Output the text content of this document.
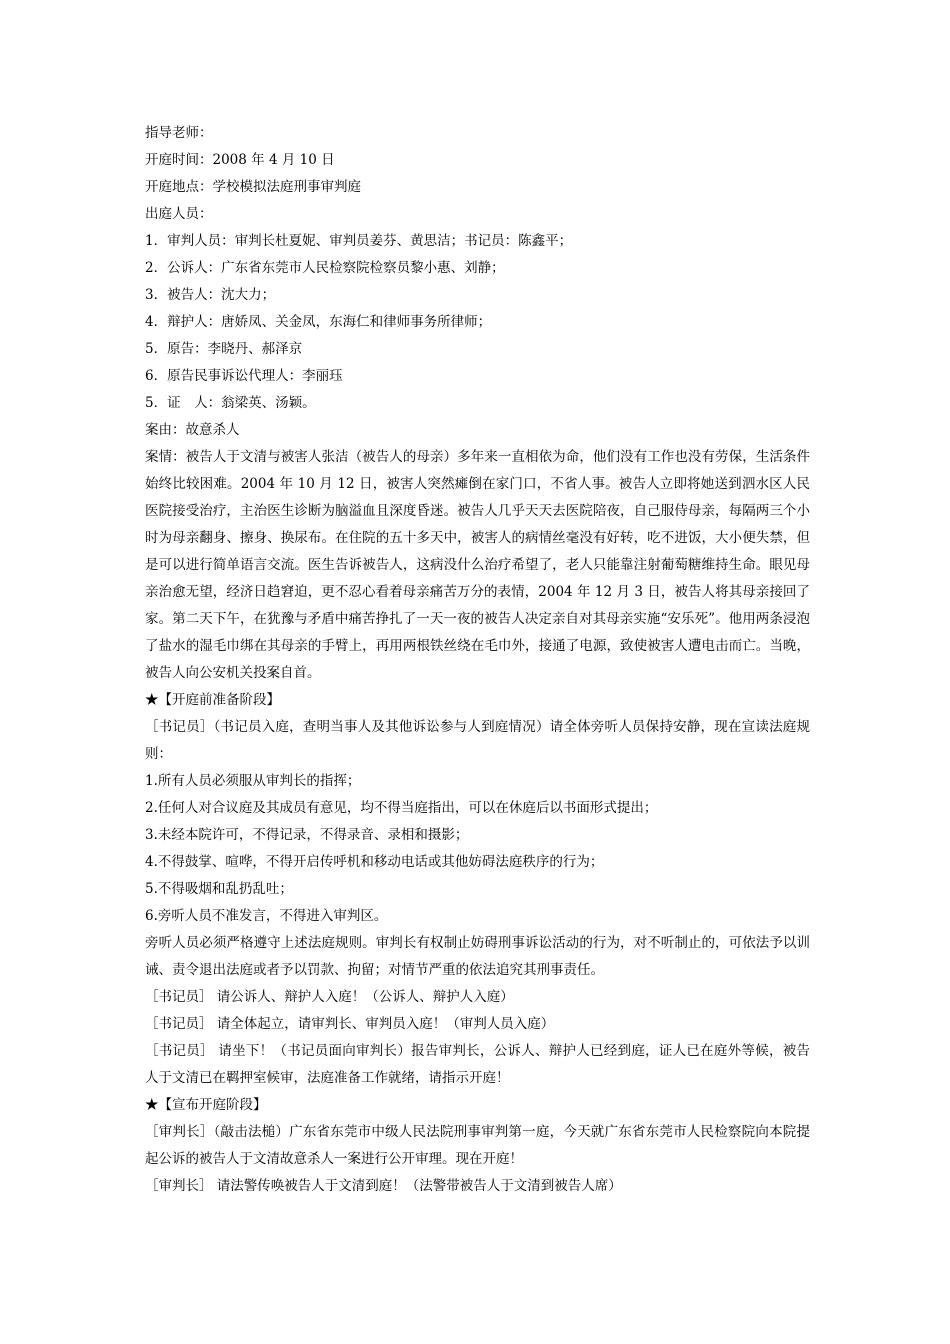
指导老师：

开庭时间：2008 年 4 月 10 日

开庭地点：学校模拟法庭刑事审判庭

出庭人员：

1．审判人员：审判长杜夏妮、审判员姜芬、黄思洁；书记员：陈鑫平；

2．公诉人：广东省东莞市人民检察院检察员黎小惠、刘静；

3．被告人：沈大力；

4．辩护人：唐娇凤、关金凤，东海仁和律师事务所律师；

5．原告：李晓丹、郝泽京

6．原告民事诉讼代理人：李丽珏

5．证　人：翁梁英、汤颖。

案由：故意杀人

案情：被告人于文清与被害人张洁（被告人的母亲）多年来一直相依为命，他们没有工作也没有劳保，生活条件始终比较困难。2004 年 10 月 12 日，被害人突然瘫倒在家门口，不省人事。被告人立即将她送到泗水区人民医院接受治疗，主治医生诊断为脑溢血且深度昏迷。被告人几乎天天去医院陪夜，自己服侍母亲，每隔两三个小时为母亲翻身、擦身、换尿布。在住院的五十多天中，被害人的病情丝毫没有好转，吃不进饭，大小便失禁，但是可以进行简单语言交流。医生告诉被告人，这病没什么治疗希望了，老人只能靠注射葡萄糖维持生命。眼见母亲治愈无望，经济日趋窘迫，更不忍心看着母亲痛苦万分的表情，2004 年 12 月 3 日，被告人将其母亲接回了家。第二天下午，在犹豫与矛盾中痛苦挣扎了一天一夜的被告人决定亲自对其母亲实施“安乐死”。他用两条浸泡了盐水的湿毛巾绑在其母亲的手臂上，再用两根铁丝绕在毛巾外，接通了电源，致使被害人遭电击而亡。当晚，被告人向公安机关投案自首。

★【开庭前准备阶段】

［书记员］（书记员入庭，查明当事人及其他诉讼参与人到庭情况）请全体旁听人员保持安静，现在宣读法庭规则：

1.所有人员必须服从审判长的指挥；

2.任何人对合议庭及其成员有意见，均不得当庭指出，可以在休庭后以书面形式提出；

3.未经本院许可，不得记录，不得录音、录相和摄影；

4.不得鼓掌、喧哗，不得开启传呼机和移动电话或其他妨碍法庭秩序的行为；

5.不得吸烟和乱扔乱吐；

6.旁听人员不准发言，不得进入审判区。

旁听人员必须严格遵守上述法庭规则。审判长有权制止妨碍刑事诉讼活动的行为，对不听制止的，可依法予以训诫、责令退出法庭或者予以罚款、拘留；对情节严重的依法追究其刑事责任。

［书记员］ 请公诉人、辩护人入庭！（公诉人、辩护人入庭）

［书记员］ 请全体起立，请审判长、审判员入庭！（审判人员入庭）

［书记员］ 请坐下！（书记员面向审判长）报告审判长，公诉人、辩护人已经到庭，证人已在庭外等候，被告人于文清已在羁押室候审，法庭准备工作就绪，请指示开庭！

★【宣布开庭阶段】

［审判长］（敲击法槌）广东省东莞市中级人民法院刑事审判第一庭，今天就广东省东莞市人民检察院向本院提起公诉的被告人于文清故意杀人一案进行公开审理。现在开庭！

［审判长］ 请法警传唤被告人于文清到庭！（法警带被告人于文清到被告人席）
